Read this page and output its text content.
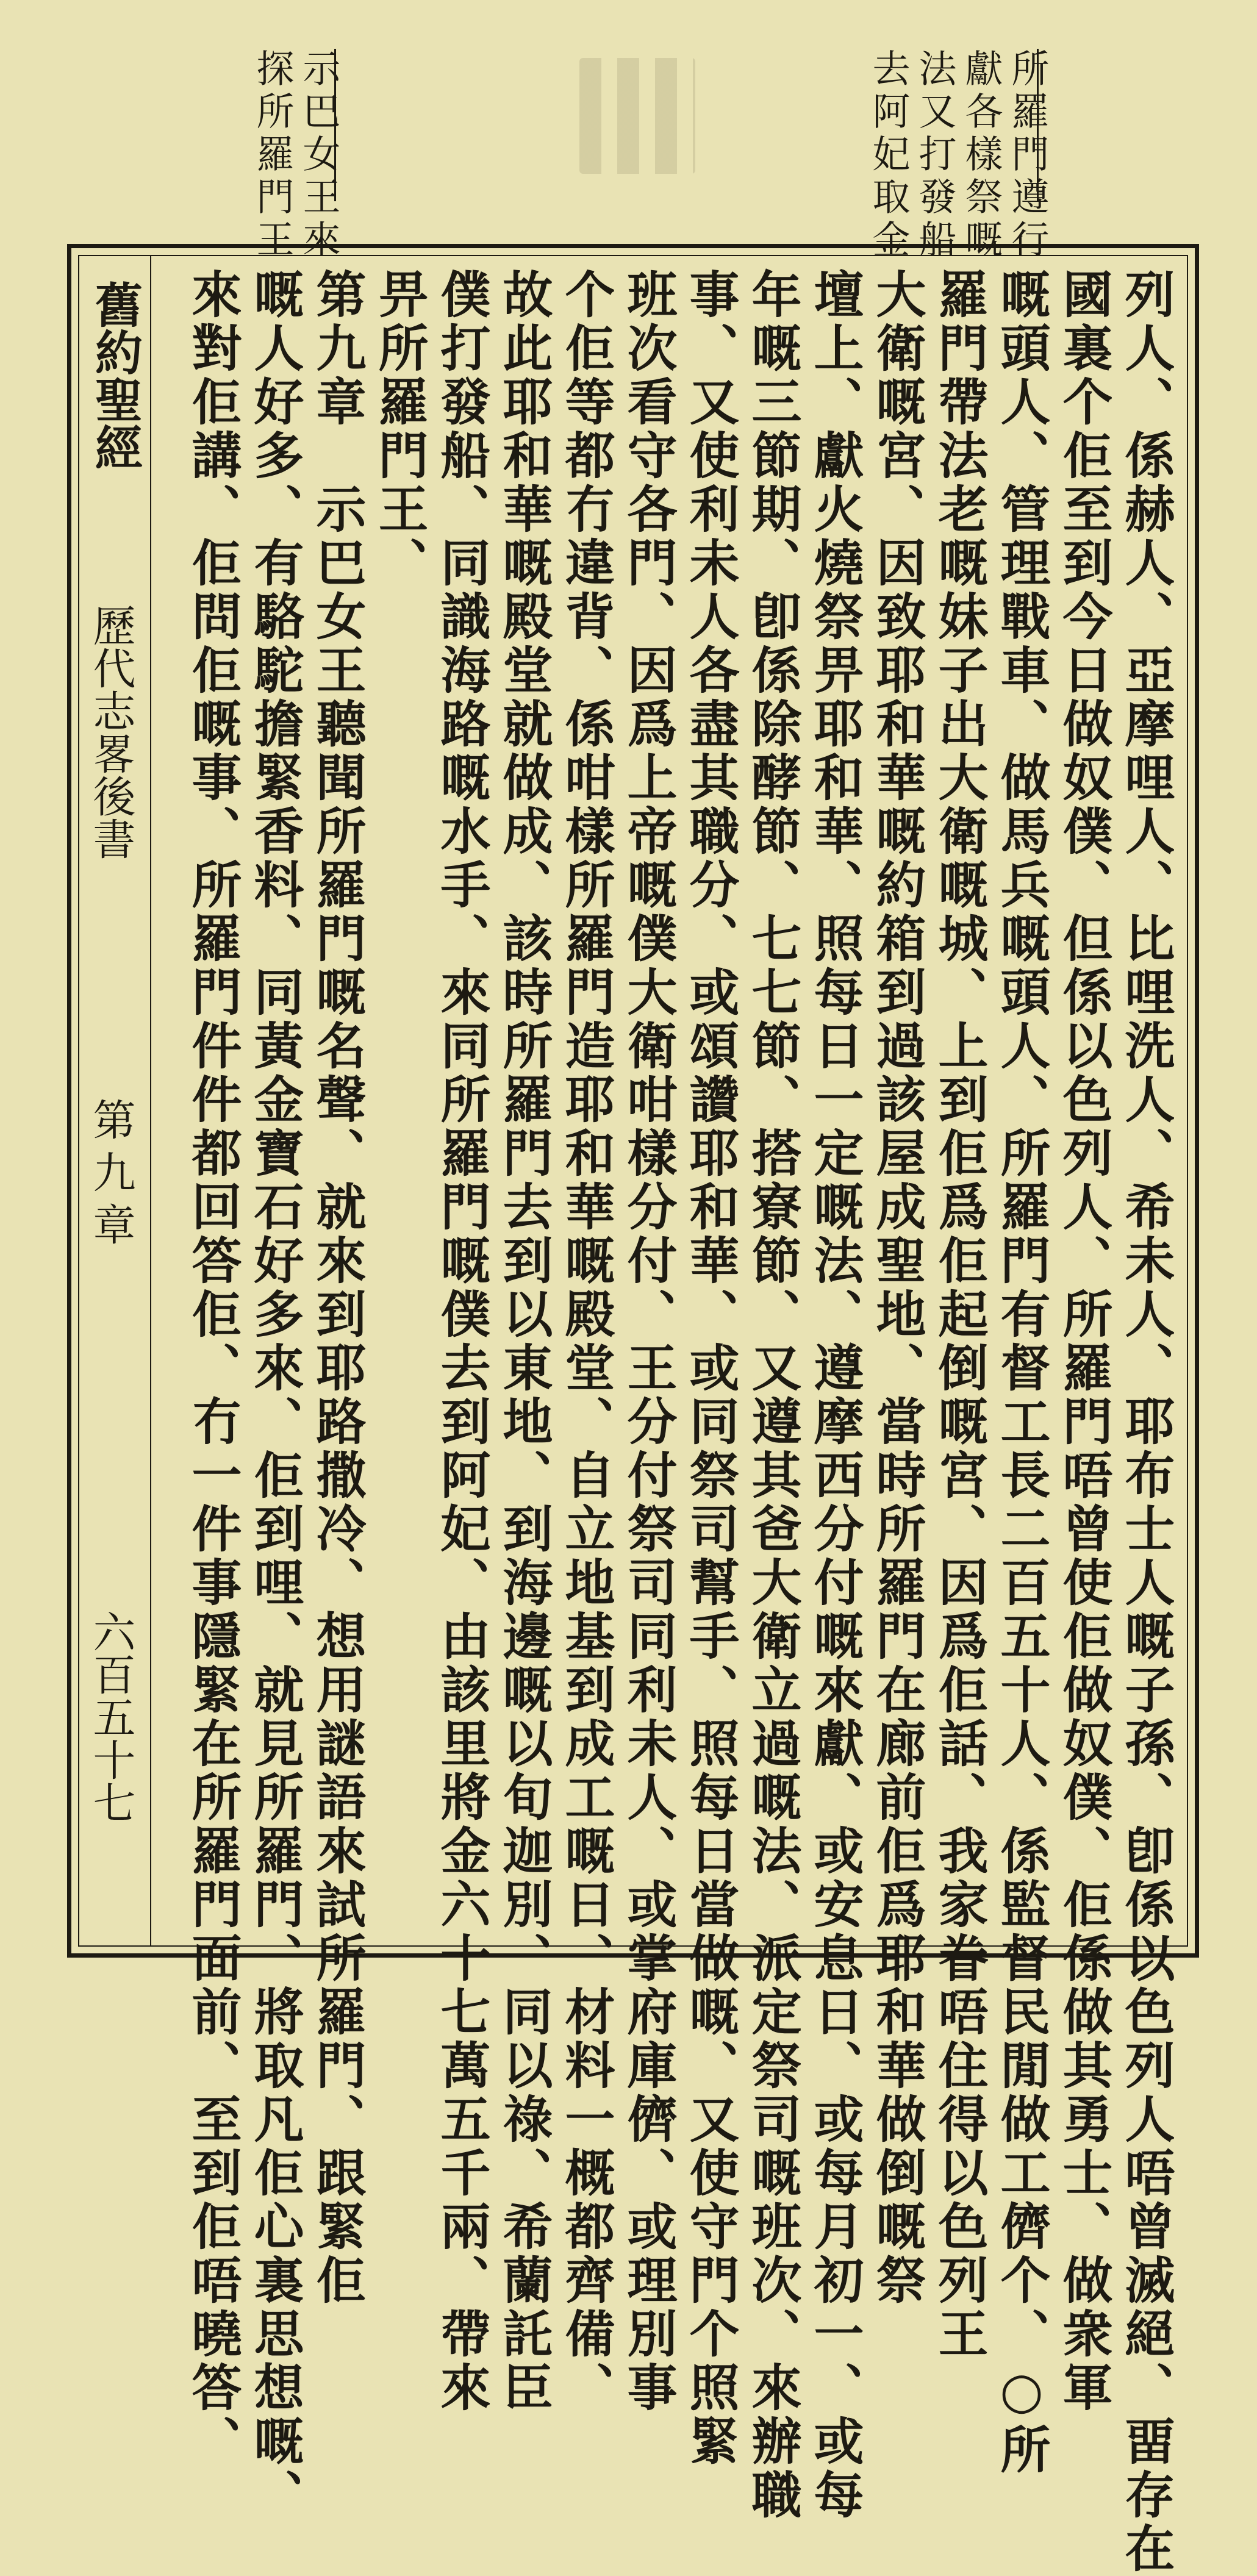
所羅門遵行
獻各樣祭嘅
法又打發船
去阿妃取金
示巴女王來
探所羅門王
舊約聖經
歷代志畧後書
第九章
六百五十七	列人、係赫人、亞摩哩人、比哩洗人、希未人、耶布士人嘅子孫、卽係以色列人唔曾滅絕、畱存在
國裏个佢至到今日做奴僕、但係以色列人、所羅門唔曾使佢做奴僕、佢係做其勇士、做衆軍
嘅頭人、管理戰車、做馬兵嘅頭人、所羅門有督工長二百五十人、係監督民閒做工儕个、○所
羅門帶法老嘅妹子出大衛嘅城、上到佢爲佢起倒嘅宮、因爲佢話、我家眷唔住得以色列王
大衛嘅宮、因致耶和華嘅約箱到過該屋成聖地、當時所羅門在廊前佢爲耶和華做倒嘅祭
壇上、獻火燒祭畀耶和華、照每日一定嘅法、遵摩西分付嘅來獻、或安息日、或每月初一、或每
年嘅三節期、卽係除酵節、七七節、搭寮節、又遵其爸大衛立過嘅法、派定祭司嘅班次、來辦職
事、又使利未人各盡其職分、或頌讚耶和華、或同祭司幫手、照每日當做嘅、又使守門个照緊
班次看守各門、因爲上帝嘅僕大衛咁樣分付、王分付祭司同利未人、或掌府庫儕、或理別事
个佢等都冇違背、係咁樣所羅門造耶和華嘅殿堂、自立地基到成工嘅日、材料一概都齊備、
故此耶和華嘅殿堂就做成、該時所羅門去到以東地、到海邊嘅以旬迦別、同以祿、希蘭託臣
僕打發船、同識海路嘅水手、來同所羅門嘅僕去到阿妃、由該里將金六十七萬五千兩、帶來
畀所羅門王、
第九章　示巴女王聽聞所羅門嘅名聲、就來到耶路撒冷、想用謎語來試所羅門、跟緊佢
嘅人好多、有駱駝擔緊香料、同黃金寶石好多來、佢到哩、就見所羅門、將取凡佢心裏思想嘅、
來對佢講、佢問佢嘅事、所羅門件件都回答佢、冇一件事隱緊在所羅門面前、至到佢唔曉答、
